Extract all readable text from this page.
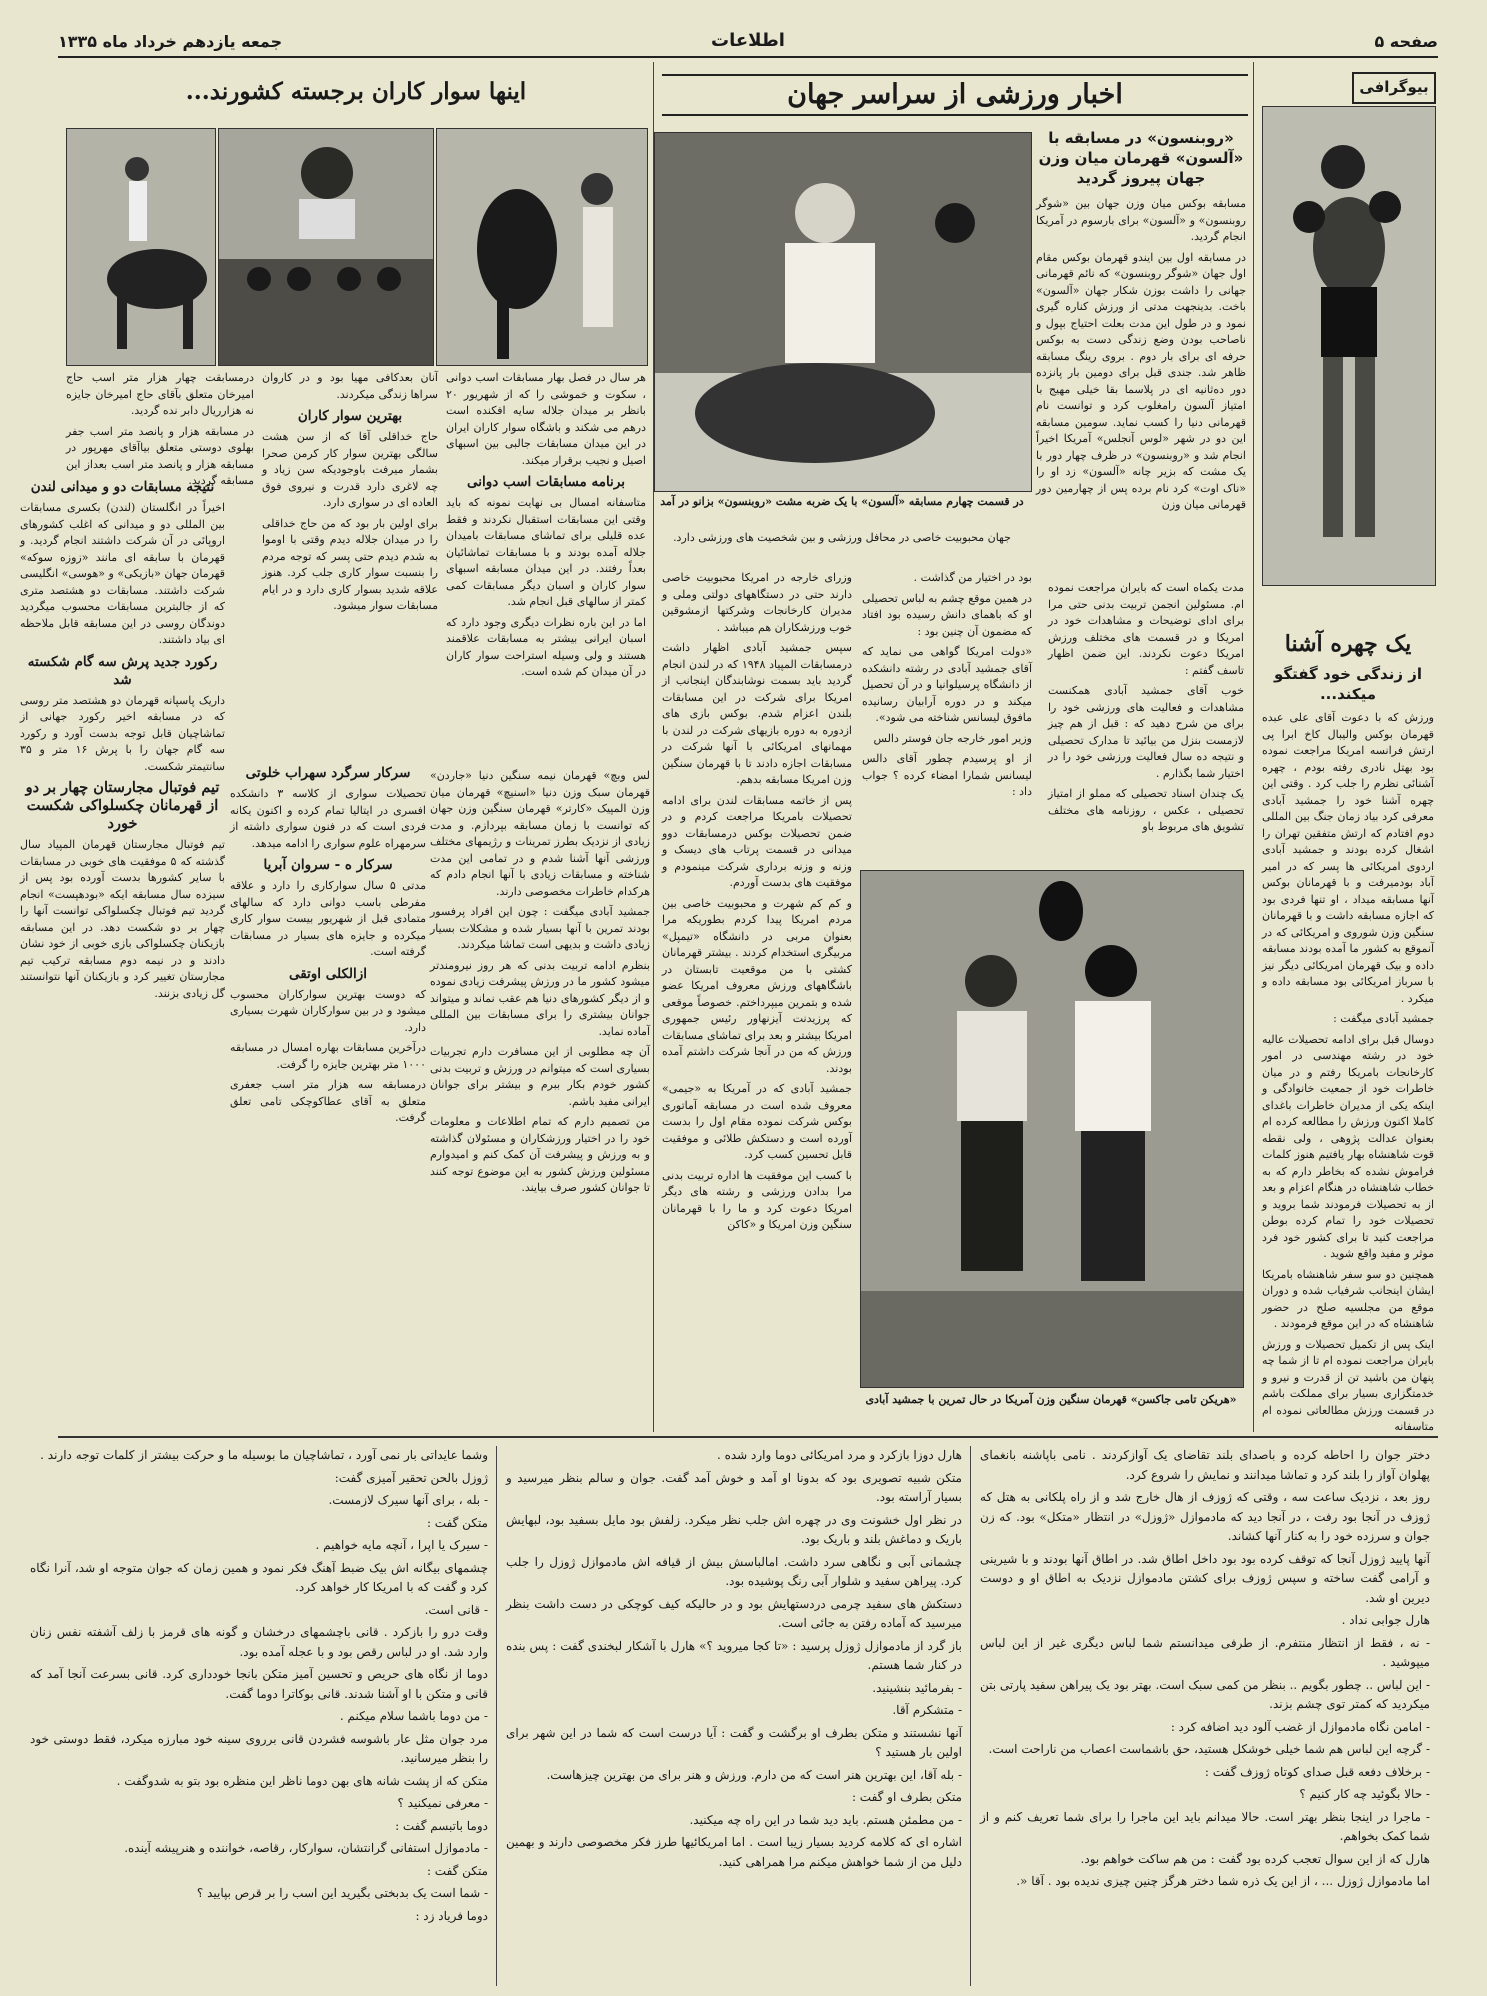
صفحه ۵
اطلاعات
جمعه یازدهم خرداد ماه ۱۳۳۵
بیوگرافی
یک چهره آشنا
از زندگی خود گفتگو میکند...

مدت یکماه است که بایران مراجعت نموده ام. مسئولین انجمن تربیت بدنی حتی مرا برای ادای توضیحات و مشاهدات خود در امریکا و در قسمت های مختلف ورزش امریکا دعوت نکردند. این ضمن اظهار تاسف گفتم :

خوب آقای جمشید آبادی همکنست مشاهدات و فعالیت های ورزشی خود را برای من شرح دهید که : قبل از هم چیز لازمست بنزل من بیائید تا مدارک تحصیلی و نتیجه ده سال فعالیت ورزشی خود را در اختیار شما بگذارم .

یک چندان اسناد تحصیلی که مملو از امتیاز تحصیلی ، عکس ، روزنامه های مختلف تشویق های مربوط باو

ورزش که با دعوت آقای علی عبده قهرمان بوکس والیبال کاخ ابرا پی ارتش فرانسه امریکا مراجعت نموده بود بهتل نادری رفته بودم ، چهره آشنائی نظرم را جلب کرد . وقتی این چهره آشنا خود را جمشید آبادی معرفی کرد بیاد زمان جنگ بین المللی دوم افتادم که ارتش متفقین تهران را اشغال کرده بودند و جمشید آبادی اردوی امریکائی ها پسر که در امیر آباد بودمیرفت و با قهرمانان بوکس آنها مسابقه میداد ، او تنها فردی بود که اجازه مسابقه داشت و با قهرمانان سنگین وزن شوروی و امریکائی که در آنموقع به کشور ما آمده بودند مسابقه داده و بیک قهرمان امریکائی دیگر نیز با سرباز امریکائی بود مسابقه داده و میکرد .

جمشید آبادی میگفت :

دوسال قبل برای ادامه تحصیلات عالیه خود در رشته مهندسی در امور کارخانجات بامریکا رفتم و در میان خاطرات خود از جمعیت خانوادگی و اینکه یکی از مدیران خاطرات باغدای کاملا اکنون ورزش را مطالعه کرده ام بعنوان عدالت پژوهی ، ولی نقطه قوت شاهنشاه بهار یافتیم هنوز کلمات فراموش نشده که بخاطر دارم که به خطاب شاهنشاه در هنگام اعزام و بعد از به تحصیلات فرمودند شما بروید و تحصیلات خود را تمام کرده بوطن مراجعت کنید تا برای کشور خود فرد موثر و مفید واقع شوید .

همچنین دو سو سفر شاهنشاه بامریکا ایشان اینجانب شرفیاب شده و دوران موقع من مجلسیه صلح در حضور شاهنشاه که در این موقع فرمودند .

اینک پس از تکمیل تحصیلات و ورزش بایران مراجعت نموده ام تا از شما چه پنهان من باشید تن از قدرت و نیرو و خدمتگزاری بسیار برای مملکت باشم در قسمت ورزش مطالعاتی نموده ام متاسفانه

اخبار ورزشی از سراسر جهان
در قسمت چهارم مسابقه «آلسون» با یک ضربه مشت «روبنسون» بزانو در آمد
جهان محبوبیت خاصی در محافل ورزشی و بین شخصیت های ورزشی دارد.
«روبنسون» در مسابقه با «آلسون» قهرمان میان وزن جهان پیروز گردید

مسابقه بوکس میان وزن جهان بین «شوگر روبنسون» و «آلسون» برای بارسوم در آمریکا انجام گردید.

در مسابقه اول بین ایندو قهرمان بوکس مقام اول جهان «شوگر روبنسون» که نائم قهرمانی جهانی را داشت بوزن شکار جهان «آلسون» باخت. بدینجهت مدتی از ورزش کناره گیری نمود و در طول این مدت بعلت احتیاج بپول و ناصاحب بودن وضع زندگی دست به بوکس حرفه ای برای بار دوم . بروی رینگ مسابقه ظاهر شد. جندی قبل برای دومین بار پانزده دور ده‌ثانیه ای در پلاسما بقا خیلی مهیج با امتیاز آلسون رامغلوب کرد و توانست نام قهرمانی دنیا را کسب نماید. سومین مسابقه این دو در شهر «لوس آنجلس» آمریکا اخیراً انجام شد و «روبنسون» در ظرف چهار دور با یک مشت که بزیر چانه «آلسون» زد او را «ناک اوت» کرد نام برده پس از چهارمین دور قهرمانی میان وزن

بود در اختیار من گذاشت .

در همین موقع چشم به لباس تحصیلی او که باهمای دانش رسیده بود افتاد که مضمون آن چنین بود :

«دولت امریکا گواهی می نماید که آقای جمشید آبادی در رشته دانشکده از دانشگاه پرسیلوانیا و در آن تحصیل میکند و در دوره آرابیان رسانیده مافوق لیسانس شناخته می شود».

وزیر امور خارجه جان فوستر دالس

از او پرسیدم چطور آقای دالس لیسانس شمارا امضاء کرده ؟ جواب داد :

وزرای خارجه در امریکا محبوبیت خاصی دارند حتی در دستگاههای دولتی وملی و مدیران کارخانجات وشرکتها ازمشوقین خوب ورزشکاران هم میباشد .

سپس جمشید آبادی اظهار داشت درمسابقات المپیاد ۱۹۴۸ که در لندن انجام گردید باید بسمت نوشابندگان اینجانب از امریکا برای شرکت در این مسابقات بلندن اعزام شدم. بوکس بازی های ازدوره به دوره بازیهای شرکت در لندن با مهمانهای امریکائی با آنها شرکت در مسابقات اجازه دادند تا با قهرمان سنگین وزن امریکا مسابقه بدهم.

پس از خاتمه مسابقات لندن برای ادامه تحصیلات بامریکا مراجعت کردم و در ضمن تحصیلات بوکس درمسابقات دوو میدانی در قسمت پرتاب های دیسک و وزنه و وزنه برداری شرکت مینمودم و موفقیت های بدست آوردم.

و کم کم شهرت و محبوبیت خاصی بین مردم امریکا پیدا کردم بطوریکه مرا بعنوان مربی در دانشگاه «تیمپل» مربیگری استخدام کردند . بیشتر قهرمانان کشتی با من موقعیت تابستان در باشگاههای ورزش معروف امریکا عضو شده و بتمرین میپرداختم. خصوصاً موقعی که پرزیدنت آیزنهاور رئیس جمهوری امریکا بیشتر و بعد برای تماشای مسابقات ورزش که من در آنجا شرکت داشتم آمده بودند.

جمشید آبادی که در آمریکا به «جیمی» معروف شده است در مسابقه آماتوری بوکس شرکت نموده مقام اول را بدست آورده است و دستکش طلائی و موفقیت قابل تحسین کسب کرد.

با کسب این موفقیت ها اداره تربیت بدنی مرا بدادن ورزشی و رشته های دیگر امریکا دعوت کرد و ما را با قهرمانان سنگین وزن امریکا و «کاکن

«هریکن تامی جاکسن» قهرمان سنگین وزن آمریکا در حال تمرین با جمشید آبادی

لس وبچ» قهرمان نیمه سنگین دنیا «جاردن» قهرمان سبک وزن دنیا «اسنیچ» قهرمان میان وزن المپیک «کارتر» قهرمان سنگین وزن جهان که توانست با زمان مسابقه بپردازم. و مدت زیادی از نزدیک بطرز تمرینات و رژیمهای مختلف ورزشی آنها آشنا شدم و در تمامی این مدت شناخته و مسابقات زیادی با آنها انجام دادم که هرکدام خاطرات مخصوصی دارند.

جمشید آبادی میگفت : چون این افراد پرفسور بودند تمرین با آنها بسیار شده و مشکلات بسیار زیادی داشت و بدیهی است تماشا میکردند.

بنظرم ادامه تربیت بدنی که هر روز نیرومندتر میشود کشور ما در ورزش پیشرفت زیادی نموده و از دیگر کشورهای دنیا هم عقب نماند و میتواند جوانان بیشتری را برای مسابقات بین المللی آماده نماید.

آن چه مطلوبی از این مسافرت دارم تجربیات بسیاری است که میتوانم در ورزش و تربیت بدنی کشور خودم بکار ببرم و بیشتر برای جوانان ایرانی مفید باشم.

من تصمیم دارم که تمام اطلاعات و معلومات خود را در اختیار ورزشکاران و مسئولان گذاشته و به ورزش و پیشرفت آن کمک کنم و امیدوارم مسئولین ورزش کشور به این موضوع توجه کنند تا جوانان کشور صرف بیایند.

اینها سوار کاران برجسته کشورند...

درمسابقت چهار هزار متر اسب حاج امیرخان متعلق بآقای حاج امیرخان جایزه نه هزارریال دابر نده گردید.

در مسابقه هزار و پانصد متر اسب جفر بهلوی دوستی متعلق بیاآقای مهرپور در مسابقه هزار و پانصد متر اسب بعداز این مسابقه گردید.

آنان بعدکافی مهیا بود و در کاروان سراها زندگی میکردند.

بهترین سوار کاران

حاج خداقلی آقا که از سن هشت سالگی بهترین سوار کار کرمن صحرا بشمار میرفت باوجودیکه سن زیاد و چه لاغری دارد قدرت و نیروی فوق العاده ای در سواری دارد.

برای اولین بار بود که من حاج خداقلی را در میدان جلاله دیدم وقتی با اوموا به شدم دیدم حتی پسر که توجه مردم را بنسبت سوار کاری جلب کرد. هنوز علاقه شدید بسوار کاری دارد و در ایام مسابقات سوار میشود.

هر سال در فصل بهار مسابقات اسب دوانی ، سکوت و خموشی را که از شهریور ۲۰ بانظر بر میدان جلاله سایه افکنده است درهم می شکند و باشگاه سوار کاران ایران در این میدان مسابقات جالبی بین اسبهای اصیل و نجیب برقرار میکند.

برنامه مسابقات اسب دوانی

متاسفانه امسال بی نهایت نمونه که باید وقتی این مسابقات استقبال نکردند و فقط عده قلیلی برای تماشای مسابقات بامیدان جلاله آمده بودند و با مسابقات تماشائیان بعداً رفتند. در این میدان مسابقه اسبهای سوار کاران و اسبان دیگر مسابقات کمی کمتر از سالهای قبل انجام شد.

اما در این باره نظرات دیگری وجود دارد که اسبان ایرانی بیشتر به مسابقات علاقمند هستند و ولی وسیله استراحت سوار کاران در آن میدان کم شده است.

سرکار سرگرد سهراب خلوتی

تحصیلات سواری از کلاسه ۳ دانشکده افسری در ایتالیا تمام کرده و اکنون یکانه فردی است که در فنون سواری داشته از سرمهراه علوم سواری را ادامه میدهد.

سرکار ه - سروان آبریا

مدتی ۵ سال سوارکاری را دارد و علاقه مفرطی باسب دوانی دارد که سالهای متمادی قبل از شهریور بیست سوار کاری میکرده و جایزه های بسیار در مسابقات گرفته است.

ازالکلی اوتقی

که دوست بهترین سوارکاران محسوب میشود و در بین سوارکاران شهرت بسیاری دارد.

درآخرین مسابقات بهاره امسال در مسابقه ۱۰۰۰ متر بهترین جایزه را گرفت.

درمسابقه سه هزار متر اسب جعفری متعلق به آقای عطاکوچکی تامی تعلق گرفت.

نتیجه مسابقات دو و میدانی لندن

اخیراً در انگلستان (لندن) بکسری مسابقات بین المللی دو و میدانی که اغلب کشورهای اروپائی در آن شرکت داشتند انجام گردید. و قهرمان با سابقه ای مانند «زوزه سوکه» قهرمان جهان «بازیکی» و «هوسی» انگلیسی شرکت داشتند. مسابقات دو هشتصد متری که از جالبترین مسابقات محسوب میگردید دوندگان روسی در این مسابقه قابل ملاحظه ای بیاد داشتند.

رکورد جدید پرش سه گام شکسته شد

داریک پاسپانه قهرمان دو هشتصد متر روسی که در مسابقه اخیر رکورد جهانی از تماشاچیان قابل توجه بدست آورد و رکورد سه گام جهان را با پرش ۱۶ متر و ۳۵ سانتیمتر شکست.

تیم فوتبال مجارستان چهار بر دو از قهرمانان چکسلواکی شکست خورد

تیم فوتبال مجارستان قهرمان المپیاد سال گذشته که ۵ موفقیت های خوبی در مسابقات با سایر کشورها بدست آورده بود پس از سیزده سال مسابقه ایکه «بودهپست» انجام گردید تیم فوتبال چکسلواکی توانست آنها را چهار بر دو شکست دهد. در این مسابقه بازیکنان چکسلواکی بازی خوبی از خود نشان دادند و در نیمه دوم مسابقه ترکیب تیم مجارستان تغییر کرد و بازیکنان آنها نتوانستند گل زیادی بزنند.

دختر جوان را احاطه کرده و باصدای بلند تقاضای یک آوازکردند . نامی باپاشنه بانغمای پهلوان آواز را بلند کرد و تماشا میدانند و نمایش را شروع کرد.

روز بعد ، نزدیک ساعت سه ، وقتی که ژوزف از هال خارج شد و از راه پلکانی به هتل که ژوزف در آنجا بود رفت ، در آنجا دید که مادموازل «ژوزل» در انتظار «متکل» بود. که زن جوان و سرزده خود را به کنار آنها کشاند.

آنها پایید ژوزل آنجا که توقف کرده بود بود داخل اطاق شد. در اطاق آنها بودند و با شیرینی و آرامی گفت ساخته و سپس ژوزف برای کشتن مادموازل نزدیک به اطاق او و دوست دیرین او شد.

هارل جوابی نداد .

- نه ، فقط از انتظار منتفرم. از طرفی میدانستم شما لباس دیگری غیر از این لباس میپوشید .

- این لباس .. چطور بگویم .. بنظر من کمی سبک است. بهتر بود یک پیراهن سفید پارتی بتن میکردید که کمتر توی چشم بزند.

- امامن نگاه مادموازل از غضب آلود دید اضافه کرد :

- گرچه این لباس هم شما خیلی خوشکل هستید، حق باشماست اعصاب من ناراحت است.

- برخلاف دفعه قبل صدای کوتاه ژوزف گفت :

- حالا بگوئید چه کار کنیم ؟

- ماجرا در اینجا بنظر بهتر است. حالا میدانم باید این ماجرا را برای شما تعریف کنم و از شما کمک بخواهم.

هارل که از این سوال تعجب کرده بود گفت : من هم ساکت خواهم بود.

اما مادموازل ژوزل ... ، از این یک ذره شما دختر هرگز چنین چیزی ندیده بود . آقا «.

هارل دوزا بازکرد و مرد امریکائی دوما وارد شده .

متکن شبیه تصویری بود که بدونا او آمد و خوش آمد گفت. جوان و سالم بنظر میرسید و بسیار آراسته بود.

در نظر اول خشونت وی در چهره اش جلب نظر میکرد. زلفش بود مایل بسفید بود، لبهایش باریک و دماغش بلند و باریک بود.

چشمانی آبی و نگاهی سرد داشت. امالباسش بیش از قیافه اش مادموازل ژوزل را جلب کرد. پیراهن سفید و شلوار آبی رنگ پوشیده بود.

دستکش های سفید چرمی دردستهایش بود و در حالیکه کیف کوچکی در دست داشت بنظر میرسید که آماده رفتن به جائی است.

باز گرد از مادموازل ژوزل پرسید : «تا کجا میروید ؟» هارل با آشکار لبخندی گفت : پس بنده در کنار شما هستم.

- بفرمائید بنشینید.

- متشکرم آقا.

آنها نشستند و متکن بطرف او برگشت و گفت : آیا درست است که شما در این شهر برای اولین بار هستید ؟

- بله آقا، این بهترین هنر است که من دارم. ورزش و هنر برای من بهترین چیزهاست.

متکن بطرف او گفت :

- من مطمئن هستم. باید دید شما در این راه چه میکنید.

اشاره ای که کلامه کردید بسیار زیبا است . اما امریکائیها طرز فکر مخصوصی دارند و بهمین دلیل من از شما خواهش میکنم مرا همراهی کنید.

وشما عایداتی بار نمی آورد ، تماشاچیان ما بوسیله ما و حرکت بیشتر از کلمات توجه دارند .

ژوزل بالحن تحقیر آمیزی گفت:

- بله ، برای آنها سیرک لازمست.

متکن گفت :

- سیرک یا اپرا ، آنچه مایه خواهیم .

چشمهای بیگانه اش بیک ضبط آهنگ فکر نمود و همین زمان که جوان متوجه او شد، آنرا نگاه کرد و گفت که با امریکا کار خواهد کرد.

- قانی است.

وقت درو را بازکرد . قانی باچشمهای درخشان و گونه های قرمز با زلف آشفته نفس زنان وارد شد. او در لباس رقص بود و با عجله آمده بود.

دوما از نگاه های حریص و تحسین آمیز متکن بانجا خودداری کرد. قانی بسرعت آنجا آمد که قانی و متکن با او آشنا شدند. قانی بوکاترا دوما گفت.

- من دوما باشما سلام میکنم .

مرد جوان مثل عار باشوسه فشردن قانی برروی سینه خود مبارزه میکرد، فقط دوستی خود را بنظر میرسانید.

متکن که از پشت شانه های بهن دوما ناظر این منظره بود بتو به شدوگفت .

- معرفی نمیکنید ؟

دوما باتبسم گفت :

- مادموازل استفانی گرانتشان، سوارکار، رقاصه، خواننده و هنرپیشه آینده.

متکن گفت :

- شما است یک بدبختی بگیرید این اسب را بر قرص بپایید ؟

دوما فریاد زد :
